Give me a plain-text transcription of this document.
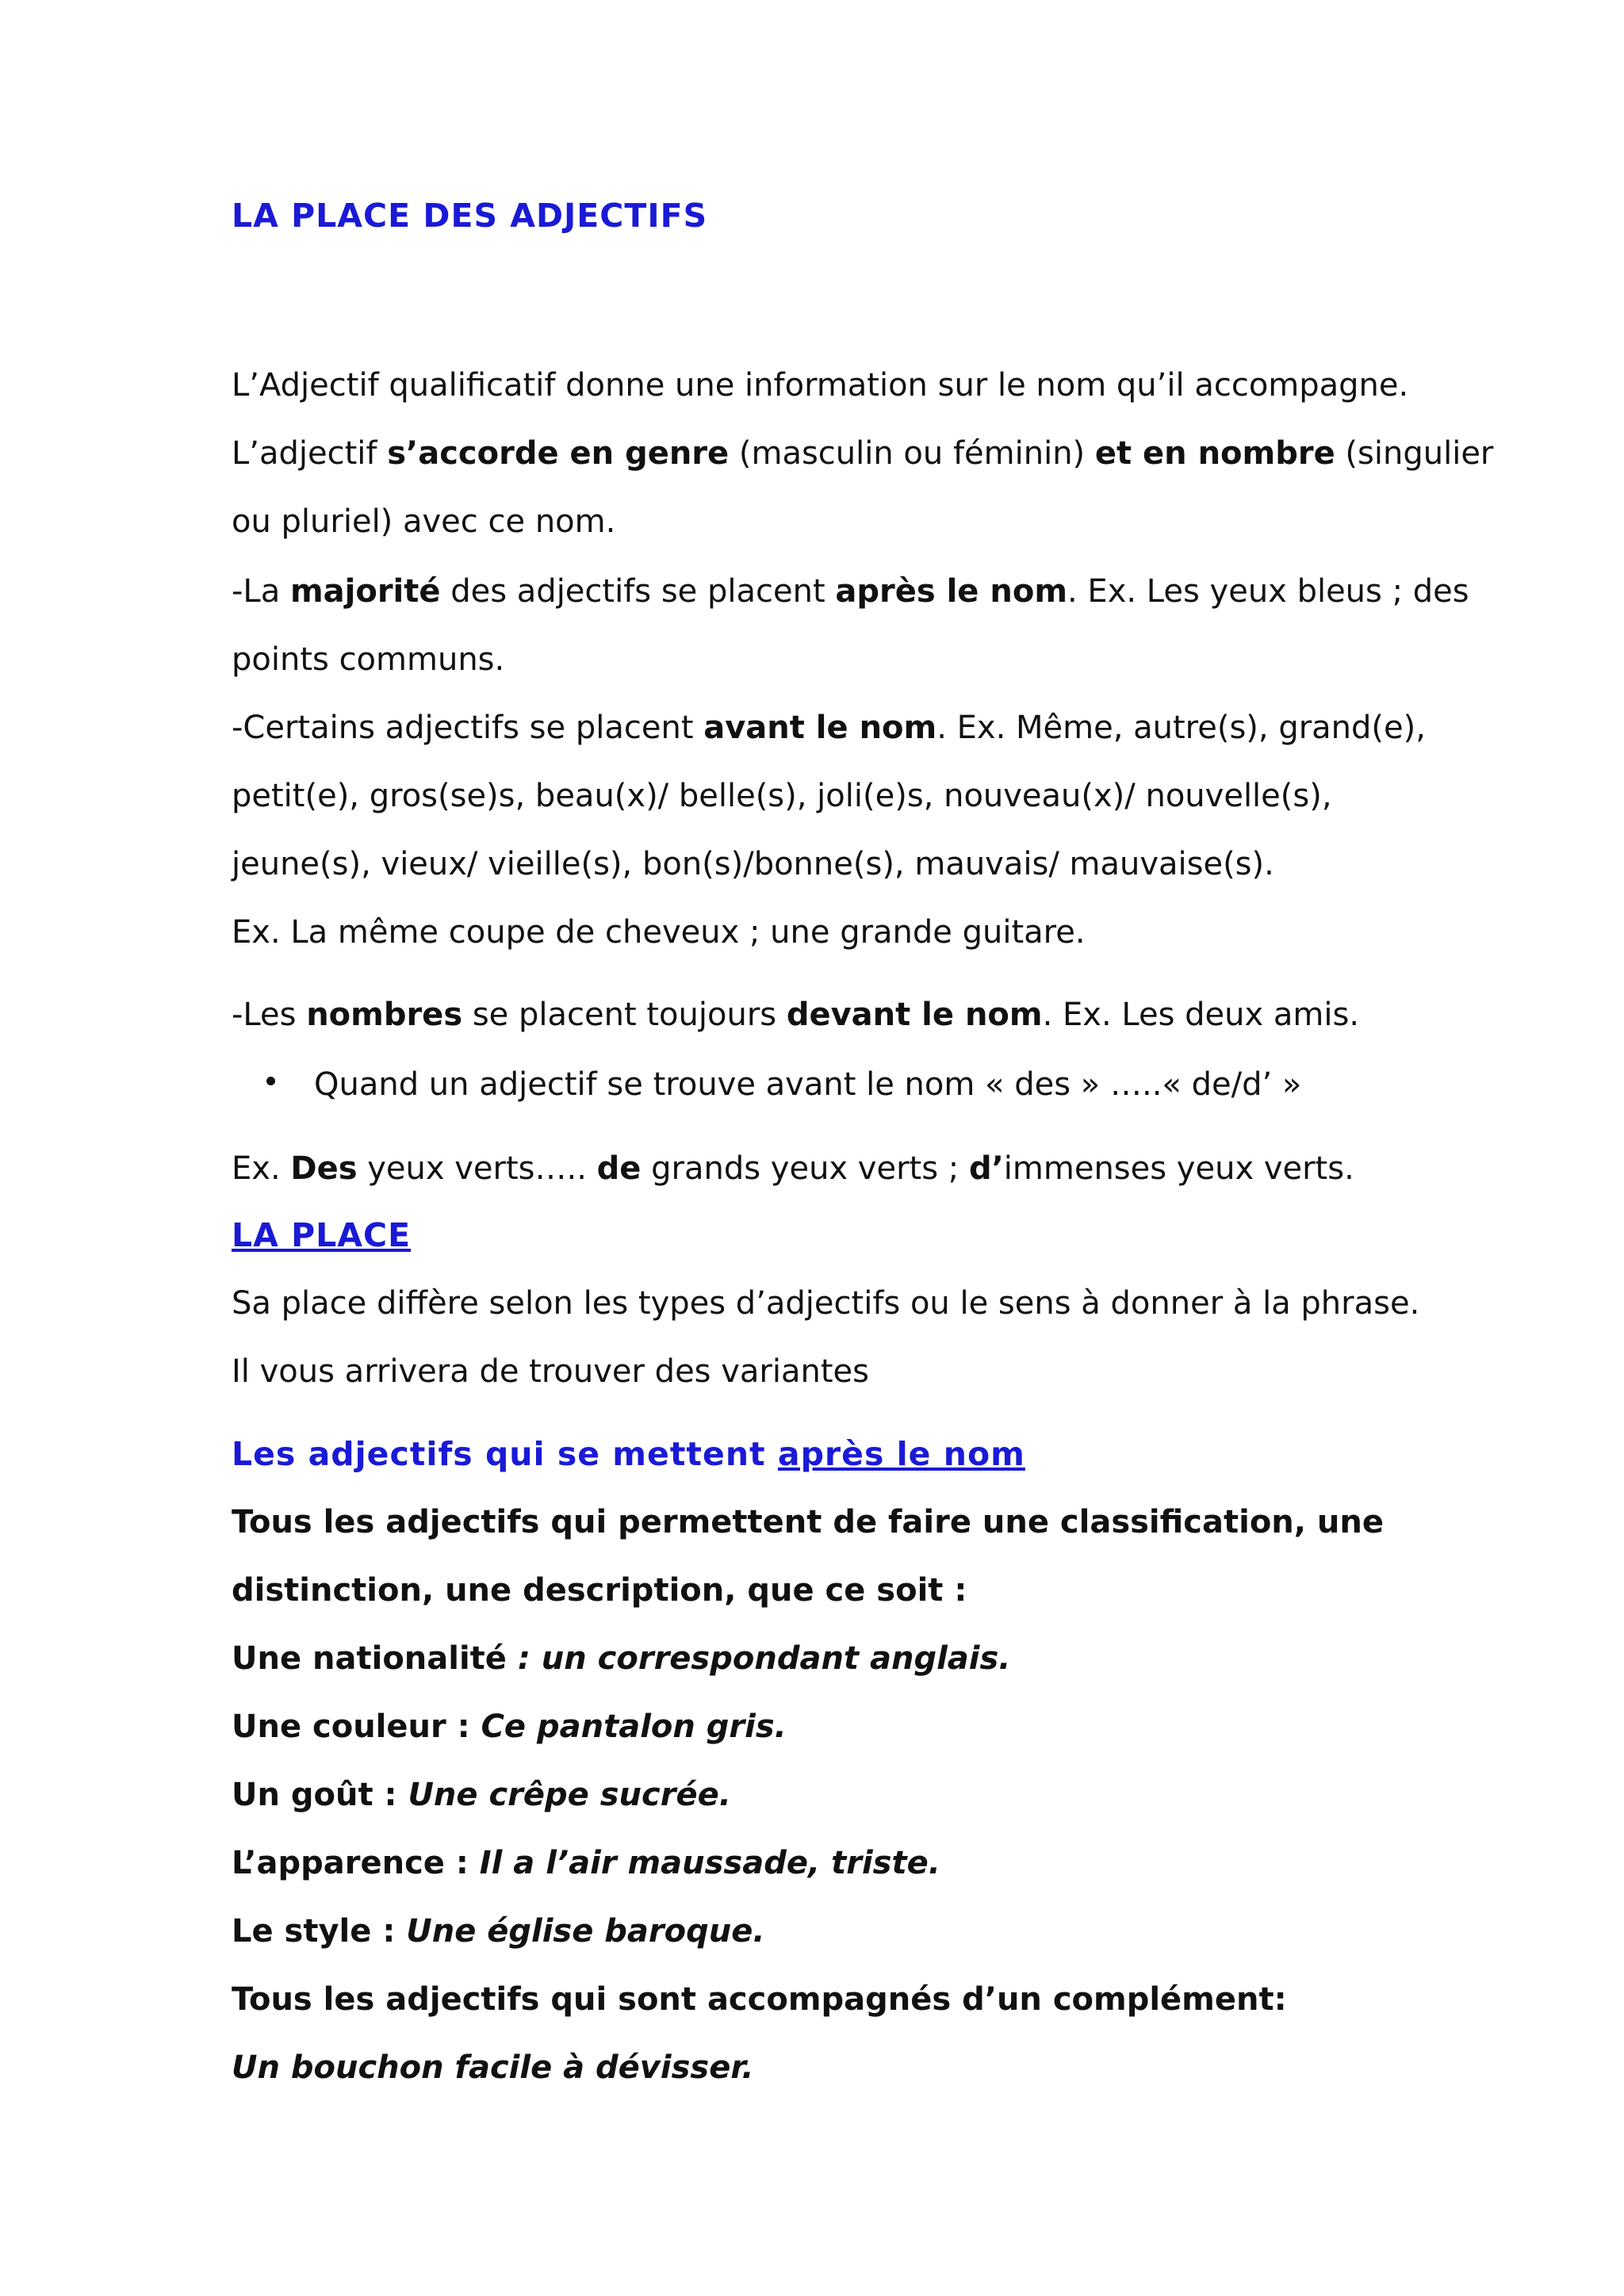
LA PLACE DES ADJECTIFS
L’Adjectif qualificatif donne une information sur le nom qu’il accompagne.
L’adjectif s’accorde en genre (masculin ou féminin) et en nombre (singulier
ou pluriel) avec ce nom.
-La majorité des adjectifs se placent après le nom. Ex. Les yeux bleus ; des
points communs.
-Certains adjectifs se placent avant le nom. Ex. Même, autre(s), grand(e),
petit(e), gros(se)s, beau(x)/ belle(s), joli(e)s, nouveau(x)/ nouvelle(s),
jeune(s), vieux/ vieille(s), bon(s)/bonne(s), mauvais/ mauvaise(s).
Ex. La même coupe de cheveux ; une grande guitare.
-Les nombres se placent toujours devant le nom. Ex. Les deux amis.
Quand un adjectif se trouve avant le nom « des » …..« de/d’ »
Ex. Des yeux verts….. de grands yeux verts ; d’immenses yeux verts.
LA PLACE
Sa place diffère selon les types d’adjectifs ou le sens à donner à la phrase.
Il vous arrivera de trouver des variantes
Les adjectifs qui se mettent après le nom
Tous les adjectifs qui permettent de faire une classification, une
distinction, une description, que ce soit :
Une nationalité : un correspondant anglais.
Une couleur : Ce pantalon gris.
Un goût : Une crêpe sucrée.
L’apparence : Il a l’air maussade, triste.
Le style : Une église baroque.
Tous les adjectifs qui sont accompagnés d’un complément:
Un bouchon facile à dévisser.
